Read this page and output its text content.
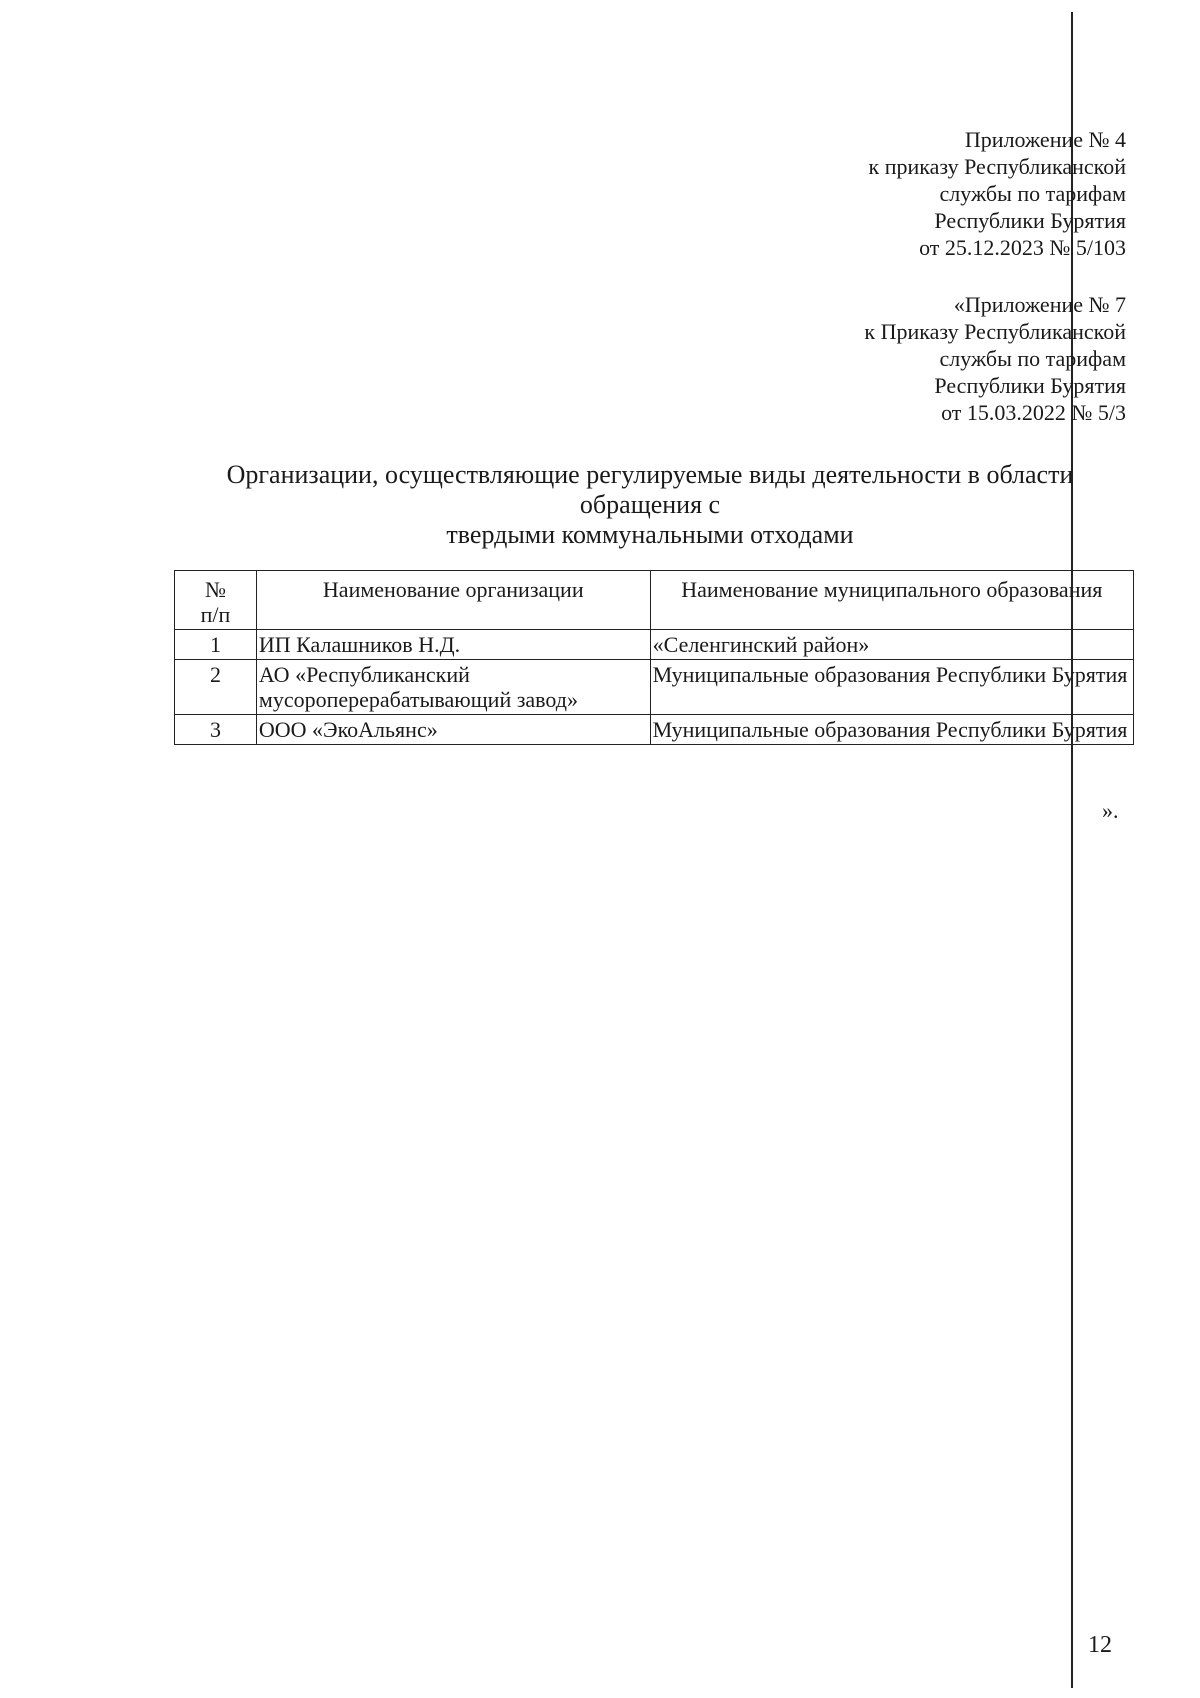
Приложение № 4
к приказу Республиканской
службы по тарифам
Республики Бурятия
от 25.12.2023 № 5/103
«Приложение № 7
к Приказу Республиканской
службы по тарифам
Республики Бурятия
от 15.03.2022 № 5/3
Организации, осуществляющие регулируемые виды деятельности в области
обращения с
твердыми коммунальными отходами
№
п/п	Наименование организации	Наименование муниципального образования
1	ИП Калашников Н.Д.	«Селенгинский район»
2	АО «Республиканский мусороперерабатывающий завод»	Муниципальные образования Республики Бурятия
3	ООО «ЭкоАльянс»	Муниципальные образования Республики Бурятия
».
12
